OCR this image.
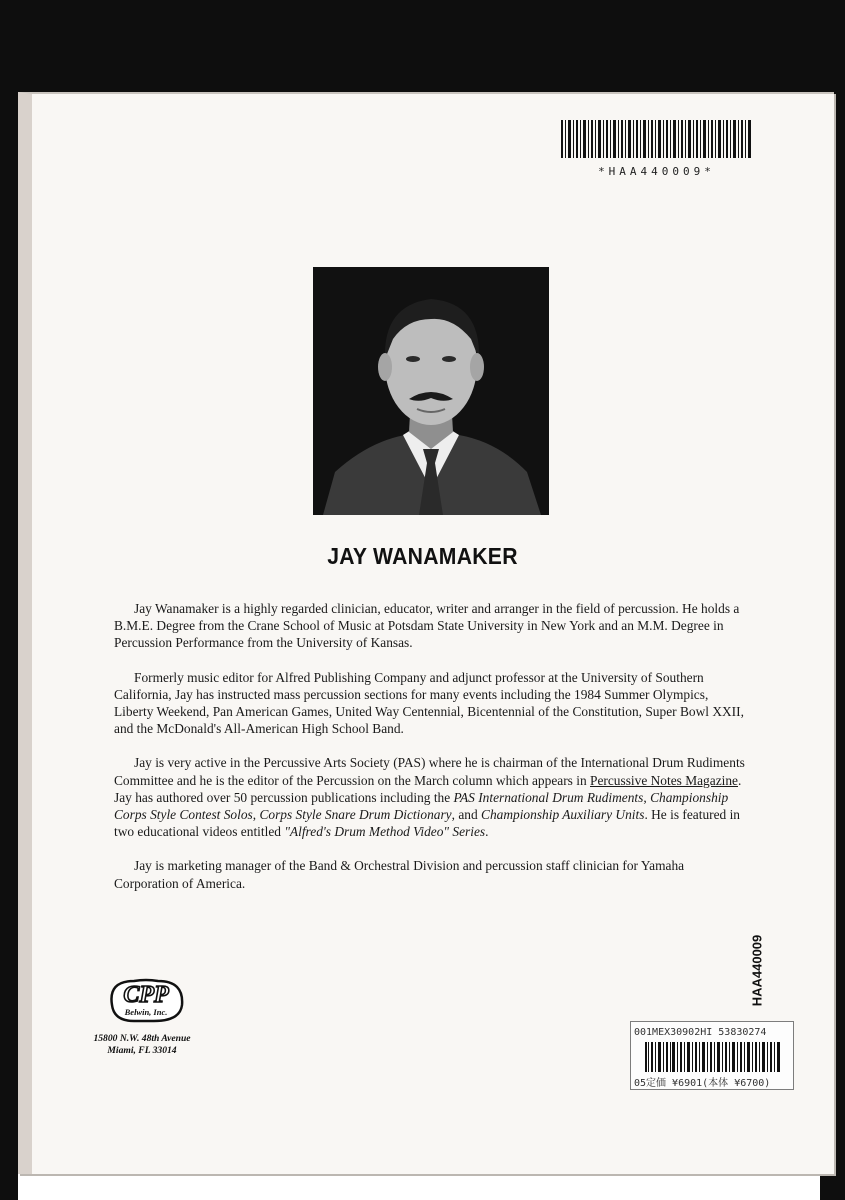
*HAA440009*
JAY WANAMAKER

Jay Wanamaker is a highly regarded clinician, educator, writer and arranger in the field of percussion. He holds a B.M.E. Degree from the Crane School of Music at Potsdam State University in New York and an M.M. Degree in Percussion Performance from the University of Kansas.

Formerly music editor for Alfred Publishing Company and adjunct professor at the University of Southern California, Jay has instructed mass percussion sections for many events including the 1984 Summer Olympics, Liberty Weekend, Pan American Games, United Way Centennial, Bicentennial of the Constitution, Super Bowl XXII, and the McDonald's All-American High School Band.

Jay is very active in the Percussive Arts Society (PAS) where he is chairman of the International Drum Rudiments Committee and he is the editor of the Percussion on the March column which appears in Percussive Notes Magazine. Jay has authored over 50 percussion publications including the PAS International Drum Rudiments, Championship Corps Style Contest Solos, Corps Style Snare Drum Dictionary, and Championship Auxiliary Units. He is featured in two educational videos entitled "Alfred's Drum Method Video" Series.

Jay is marketing manager of the Band & Orchestral Division and percussion staff clinician for Yamaha Corporation of America.

HAA440009
CPP
Belwin, Inc.
15800 N.W. 48th Avenue
Miami, FL 33014
001MEX30902HI 53830274
05定価 ¥6901(本体 ¥6700)
